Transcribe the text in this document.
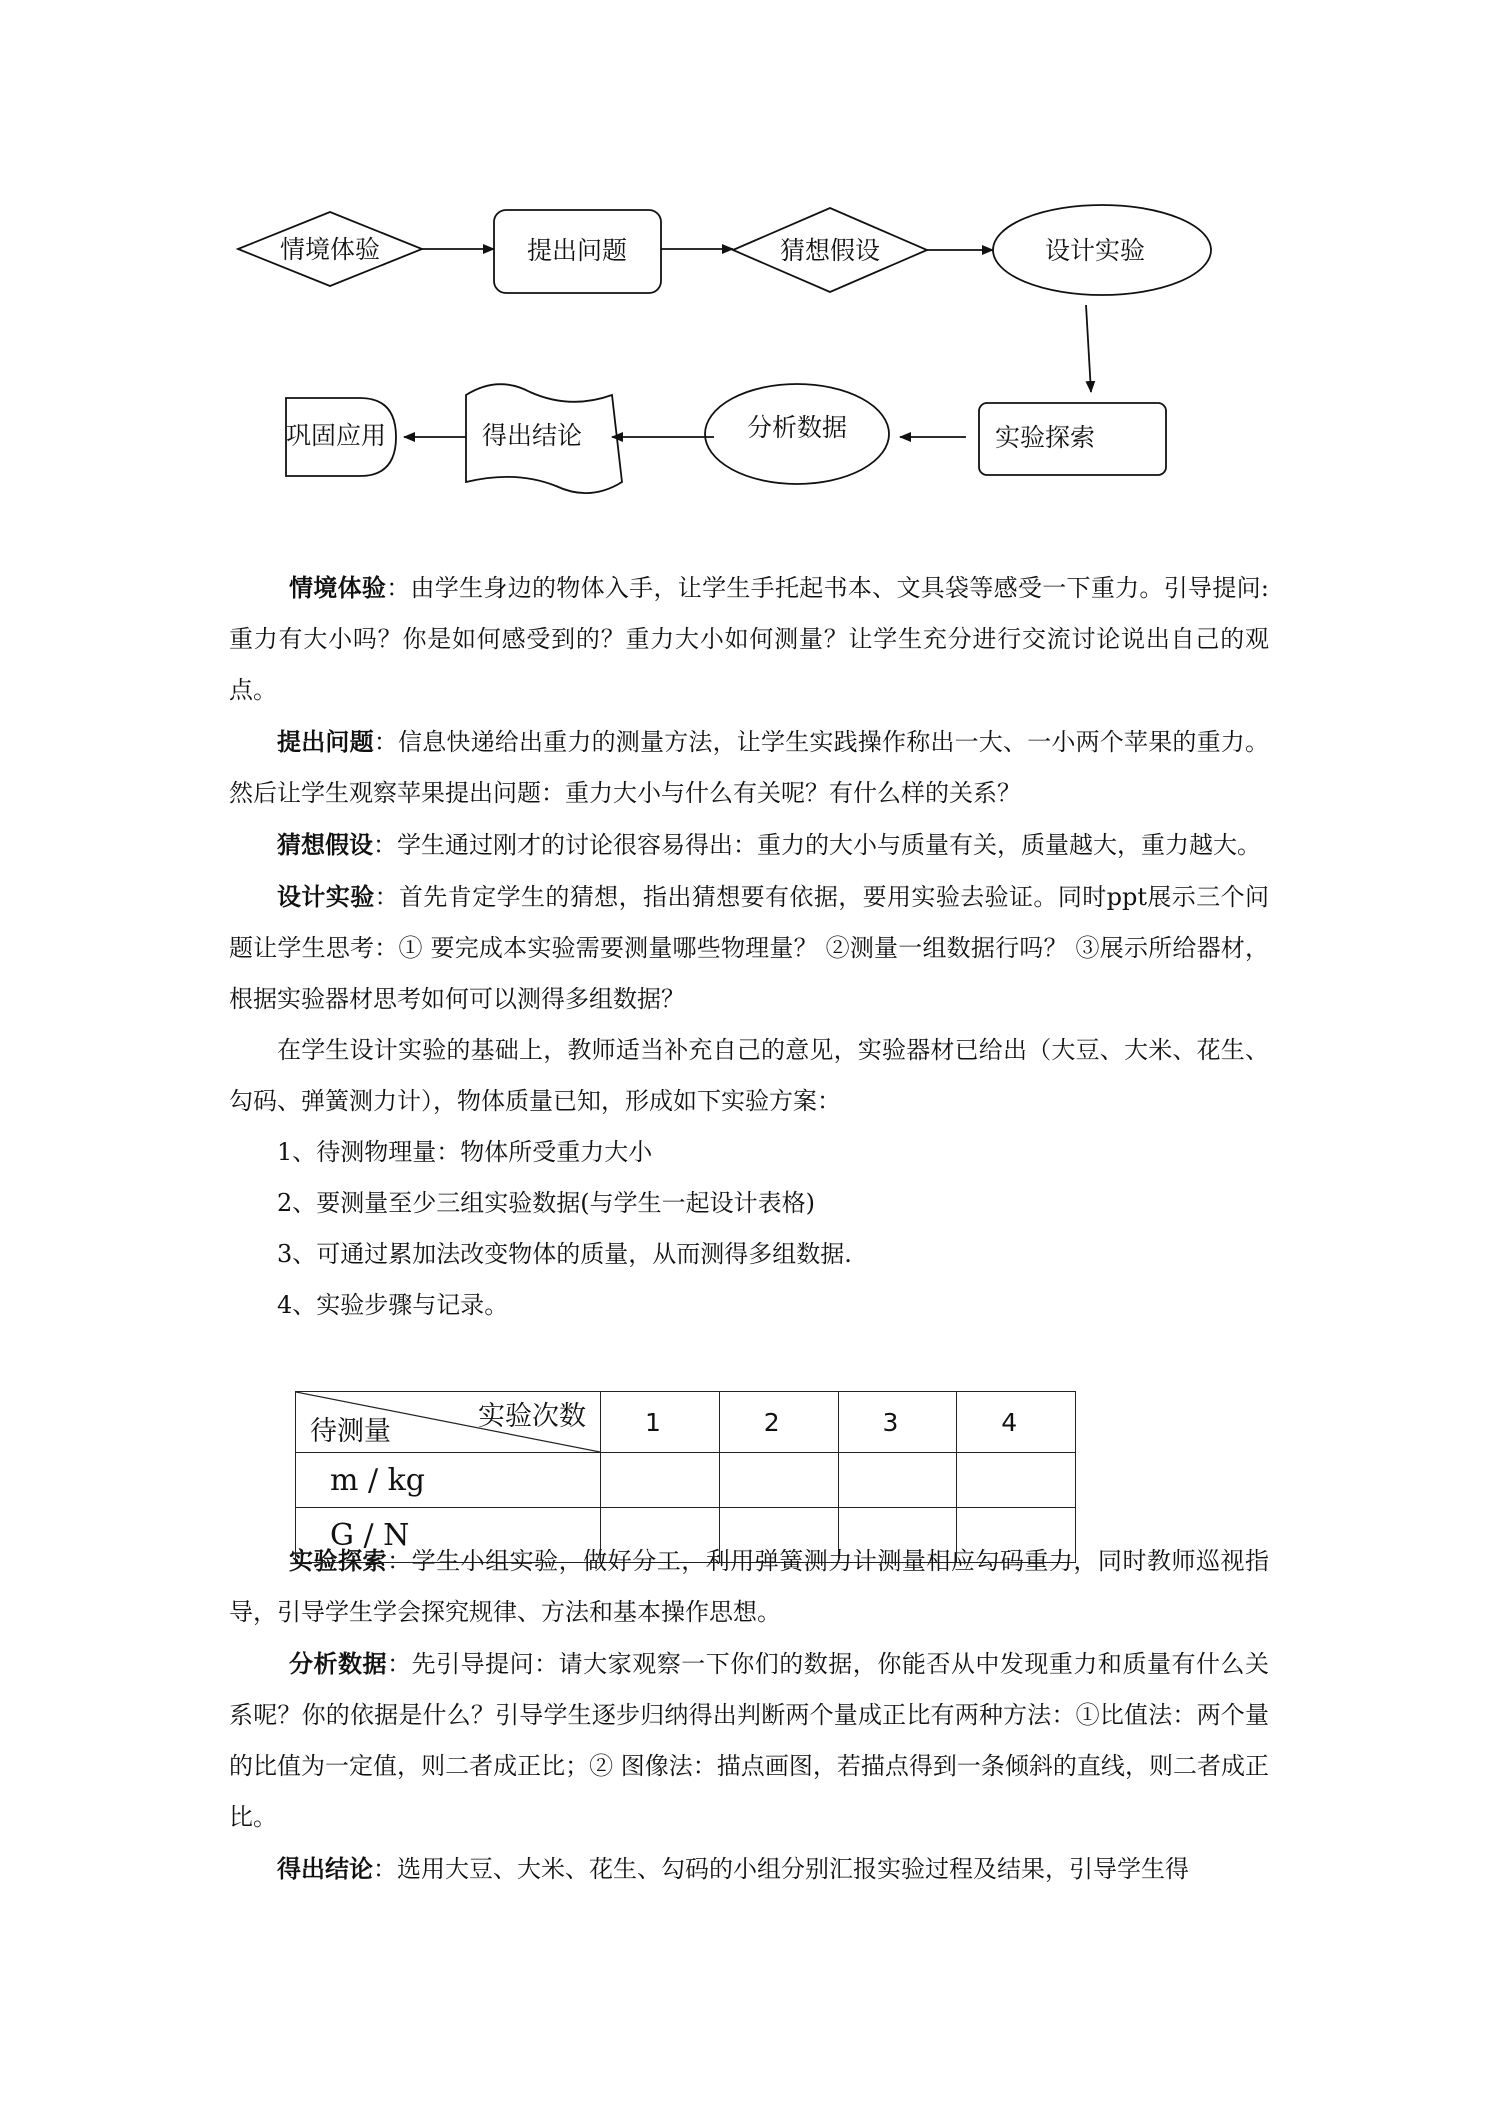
情境体验	提出问题	猜想假设	设计实验
实验探索
分析数据
得出结论
巩固应用

情境体验：由学生身边的物体入手，让学生手托起书本、文具袋等感受一下重力。引导提问:重力有大小吗？你是如何感受到的？重力大小如何测量？让学生充分进行交流讨论说出自己的观点。

提出问题：信息快递给出重力的测量方法，让学生实践操作称出一大、一小两个苹果的重力。然后让学生观察苹果提出问题：重力大小与什么有关呢？有什么样的关系？

猜想假设：学生通过刚才的讨论很容易得出：重力的大小与质量有关，质量越大，重力越大。

设计实验：首先肯定学生的猜想，指出猜想要有依据，要用实验去验证。同时ppt展示三个问题让学生思考：① 要完成本实验需要测量哪些物理量？ ②测量一组数据行吗？ ③展示所给器材，根据实验器材思考如何可以测得多组数据？

在学生设计实验的基础上，教师适当补充自己的意见，实验器材已给出（大豆、大米、花生、勾码、弹簧测力计），物体质量已知，形成如下实验方案：

1、待测物理量：物体所受重力大小

2、要测量至少三组实验数据(与学生一起设计表格)

3、可通过累加法改变物体的质量，从而测得多组数据.

4、实验步骤与记录。

实验探索：学生小组实验，做好分工，利用弹簧测力计测量相应勾码重力，同时教师巡视指导，引导学生学会探究规律、方法和基本操作思想。

分析数据：先引导提问：请大家观察一下你们的数据，你能否从中发现重力和质量有什么关系呢？你的依据是什么？引导学生逐步归纳得出判断两个量成正比有两种方法：①比值法：两个量的比值为一定值，则二者成正比；② 图像法：描点画图，若描点得到一条倾斜的直线，则二者成正比。

得出结论：选用大豆、大米、花生、勾码的小组分别汇报实验过程及结果，引导学生得

实验次数
待测量	1	2	3	4
m / kg				
G / N				
